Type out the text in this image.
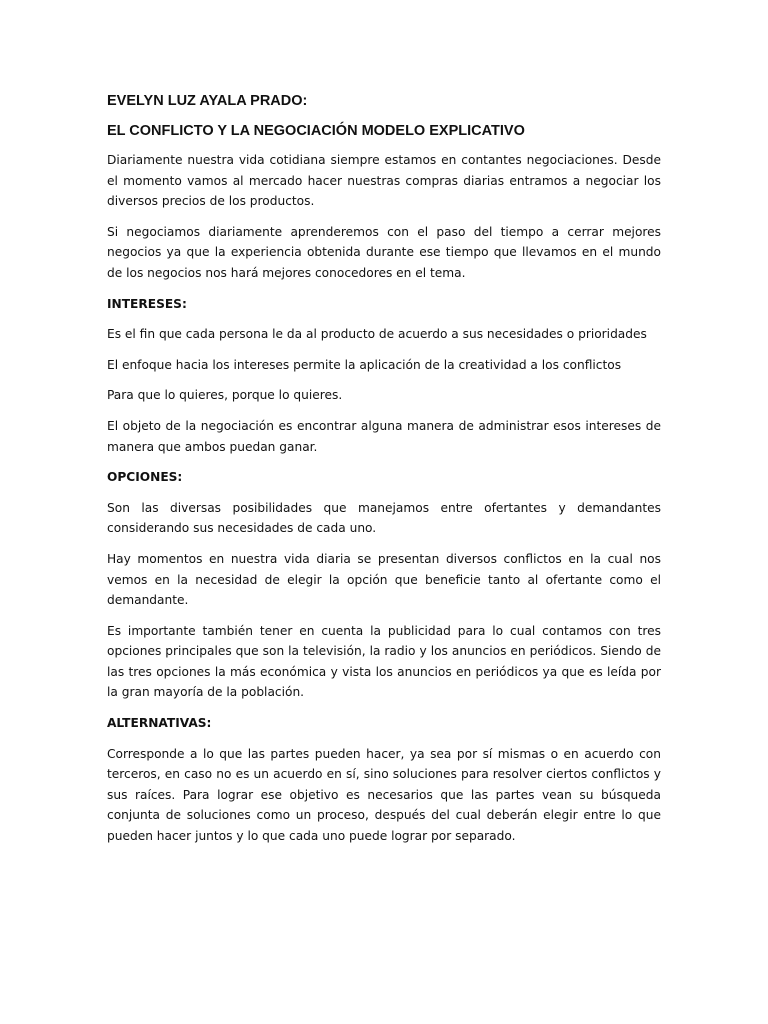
EVELYN LUZ AYALA PRADO:
EL CONFLICTO Y LA NEGOCIACIÓN MODELO EXPLICATIVO

Diariamente nuestra vida cotidiana siempre estamos en contantes negociaciones. Desde el momento vamos al mercado hacer nuestras compras diarias entramos a negociar los diversos precios de los productos.

Si negociamos diariamente aprenderemos con el paso del tiempo a cerrar mejores negocios ya que la experiencia obtenida durante ese tiempo que llevamos en el mundo de los negocios nos hará mejores conocedores en el tema.

INTERESES:

Es el fin que cada persona le da al producto de acuerdo a sus necesidades o prioridades

El enfoque hacia los intereses permite la aplicación de la creatividad a los conflictos

Para que lo quieres, porque lo quieres.

El objeto de la negociación es encontrar alguna manera de administrar esos intereses de manera que ambos puedan ganar.

OPCIONES:

Son las diversas posibilidades que manejamos entre ofertantes y demandantes considerando sus necesidades de cada uno.

Hay momentos en nuestra vida diaria se presentan diversos conflictos en la cual nos vemos en la necesidad de elegir la opción que beneficie tanto al ofertante como el demandante.

Es importante también tener en cuenta la publicidad para lo cual contamos con tres opciones principales que son la televisión, la radio y los anuncios en periódicos. Siendo de las tres opciones la más económica y vista los anuncios en periódicos ya que es leída por la gran mayoría de la población.

ALTERNATIVAS:

Corresponde a lo que las partes pueden hacer, ya sea por sí mismas o en acuerdo con terceros, en caso no es un acuerdo en sí, sino soluciones para resolver ciertos conflictos y sus raíces. Para lograr ese objetivo es necesarios que las partes vean su búsqueda conjunta de soluciones como un proceso, después del cual deberán elegir entre lo que pueden hacer juntos y lo que cada uno puede lograr por separado.
